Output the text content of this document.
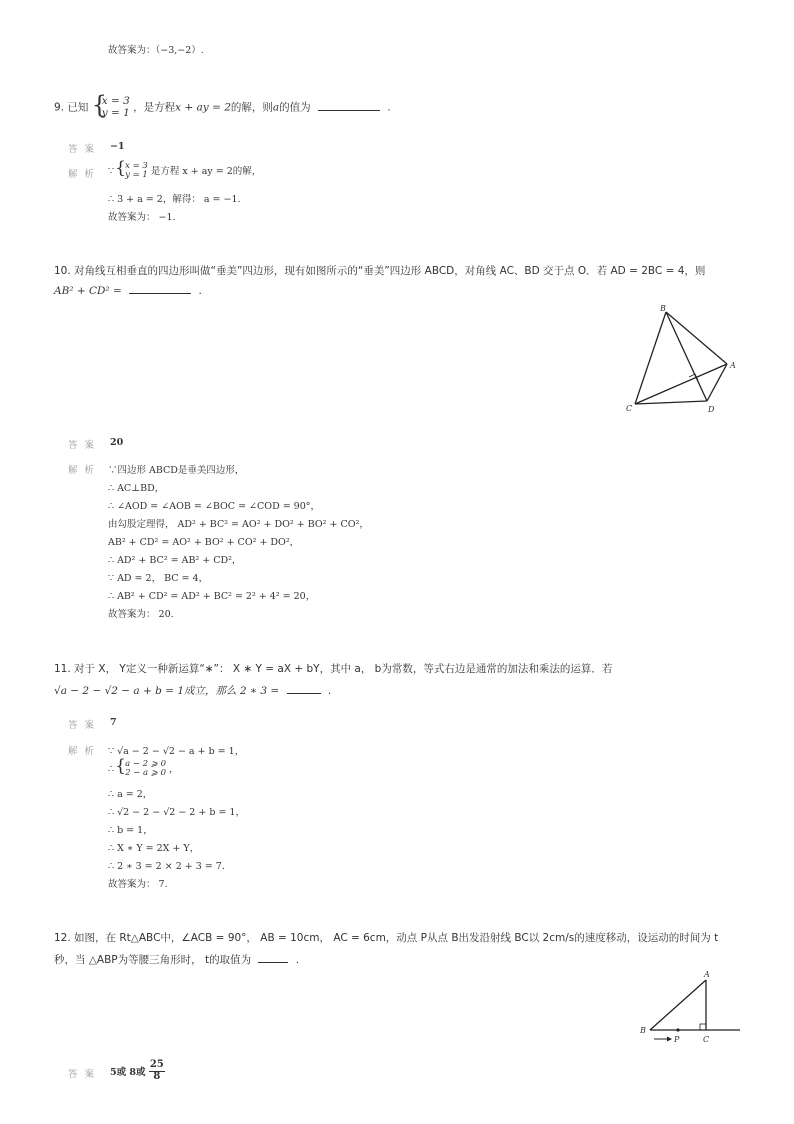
故答案为：（−3,−2）.
9. 已知
{ x = 3
y = 1 ，是方程x + ay = 2的解，则a的值为	.
答 案 −1
解 析 ∵ { x = 3
y = 1 是方程 x + ay = 2的解，
∴ 3 + a = 2，解得： a = −1.
故答案为： −1.
10. 对角线互相垂直的四边形叫做“垂美”四边形，现有如图所示的“垂美”四边形 ABCD，对角线 AC、BD 交于点 O．若 AD = 2BC = 4，则
AB² + CD² =	.
B
A
C	D
答 案 20
解 析 ∵四边形 ABCD是垂美四边形，
∴ AC⊥BD，
∴ ∠AOD = ∠AOB = ∠BOC = ∠COD = 90°，
由勾股定理得， AD² + BC² = AO² + DO² + BO² + CO²，
AB² + CD² = AO² + BO² + CO² + DO²，
∴ AD² + BC² = AB² + CD²，
∵ AD = 2， BC = 4，
∴ AB² + CD² = AD² + BC² = 2² + 4² = 20，
故答案为： 20.
11. 对于 X， Y定义一种新运算“∗”： X ∗ Y = aX + bY，其中 a， b为常数，等式右边是通常的加法和乘法的运算．若
√a − 2 − √2 − a + b = 1成立，那么 2 ∗ 3 =	.
答 案 7
解 析 ∵ √a − 2 − √2 − a + b = 1，
∴ { a − 2 ⩾ 0
2 − a ⩾ 0 ，
∴ a = 2，
∴ √2 − 2 − √2 − 2 + b = 1，
∴ b = 1，
∴ X ∗ Y = 2X + Y，
∴ 2 ∗ 3 = 2 × 2 + 3 = 7．
故答案为： 7.
12. 如图，在 Rt△ABC中，∠ACB = 90°， AB = 10cm， AC = 6cm，动点 P从点 B出发沿射线 BC以 2cm/s的速度移动，设运动的时间为 t
秒，当 △ABP为等腰三角形时， t的取值为	.
A
B
P	C
答 案 5或 8或 $\frac{25}{8}$
